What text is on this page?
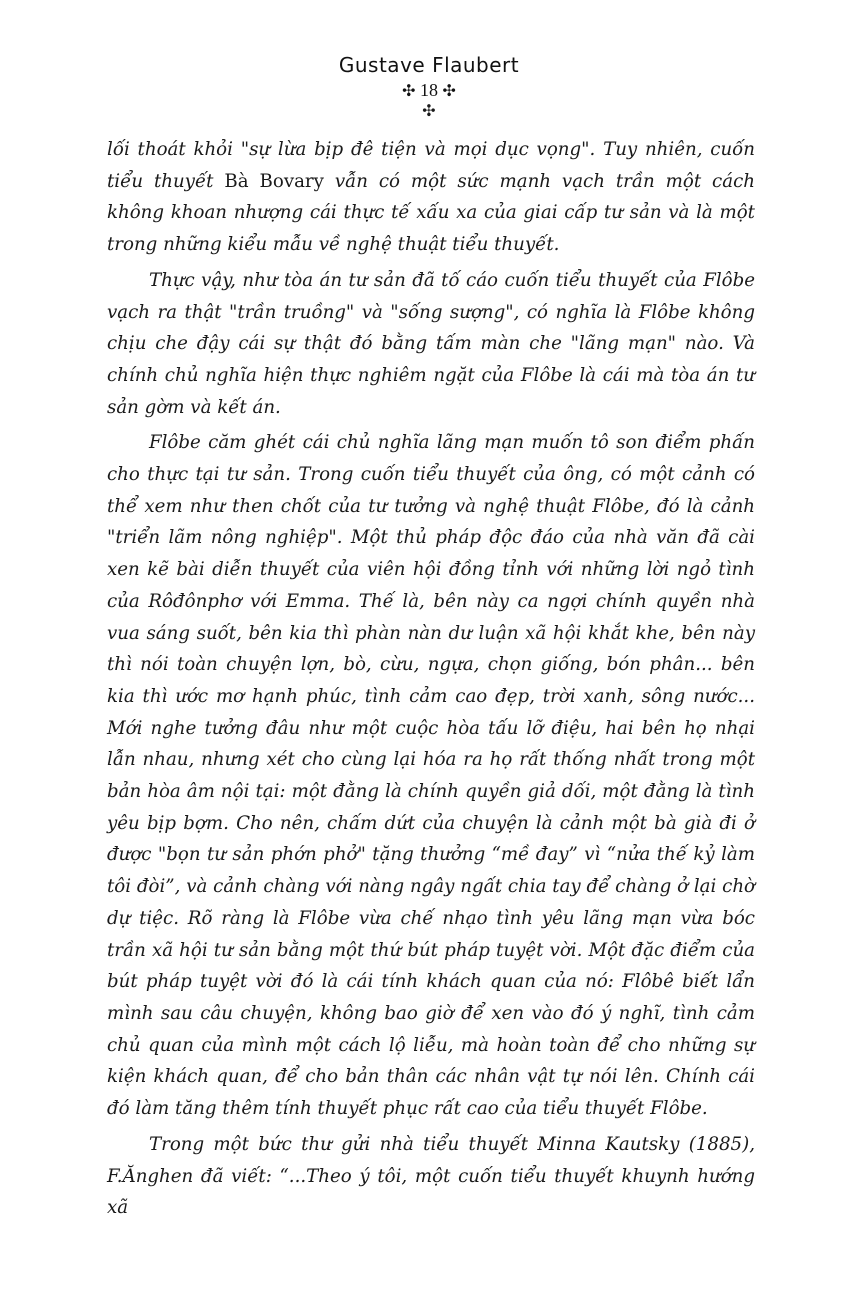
Gustave Flaubert
✣ 18 ✣
✣

lối thoát khỏi "sự lừa bịp đê tiện và mọi dục vọng". Tuy nhiên, cuốn tiểu thuyết Bà Bovary vẫn có một sức mạnh vạch trần một cách không khoan nhượng cái thực tế xấu xa của giai cấp tư sản và là một trong những kiểu mẫu về nghệ thuật tiểu thuyết.

Thực vậy, như tòa án tư sản đã tố cáo cuốn tiểu thuyết của Flôbe vạch ra thật "trần truồng" và "sống sượng", có nghĩa là Flôbe không chịu che đậy cái sự thật đó bằng tấm màn che "lãng mạn" nào. Và chính chủ nghĩa hiện thực nghiêm ngặt của Flôbe là cái mà tòa án tư sản gờm và kết án.

Flôbe căm ghét cái chủ nghĩa lãng mạn muốn tô son điểm phấn cho thực tại tư sản. Trong cuốn tiểu thuyết của ông, có một cảnh có thể xem như then chốt của tư tưởng và nghệ thuật Flôbe, đó là cảnh "triển lãm nông nghiệp". Một thủ pháp độc đáo của nhà văn đã cài xen kẽ bài diễn thuyết của viên hội đồng tỉnh với những lời ngỏ tình của Rôđônphơ với Emma. Thế là, bên này ca ngợi chính quyền nhà vua sáng suốt, bên kia thì phàn nàn dư luận xã hội khắt khe, bên này thì nói toàn chuyện lợn, bò, cừu, ngựa, chọn giống, bón phân... bên kia thì ước mơ hạnh phúc, tình cảm cao đẹp, trời xanh, sông nước... Mới nghe tưởng đâu như một cuộc hòa tấu lỡ điệu, hai bên họ nhại lẫn nhau, nhưng xét cho cùng lại hóa ra họ rất thống nhất trong một bản hòa âm nội tại: một đằng là chính quyền giả dối, một đằng là tình yêu bịp bợm. Cho nên, chấm dứt của chuyện là cảnh một bà già đi ở được "bọn tư sản phớn phở" tặng thưởng “mề đay” vì “nửa thế kỷ làm tôi đòi”, và cảnh chàng với nàng ngây ngất chia tay để chàng ở lại chờ dự tiệc. Rõ ràng là Flôbe vừa chế nhạo tình yêu lãng mạn vừa bóc trần xã hội tư sản bằng một thứ bút pháp tuyệt vời. Một đặc điểm của bút pháp tuyệt vời đó là cái tính khách quan của nó: Flôbê biết lẩn mình sau câu chuyện, không bao giờ để xen vào đó ý nghĩ, tình cảm chủ quan của mình một cách lộ liễu, mà hoàn toàn để cho những sự kiện khách quan, để cho bản thân các nhân vật tự nói lên. Chính cái đó làm tăng thêm tính thuyết phục rất cao của tiểu thuyết Flôbe.

Trong một bức thư gửi nhà tiểu thuyết Minna Kautsky (1885), F.Ănghen đã viết: “...Theo ý tôi, một cuốn tiểu thuyết khuynh hướng xã
